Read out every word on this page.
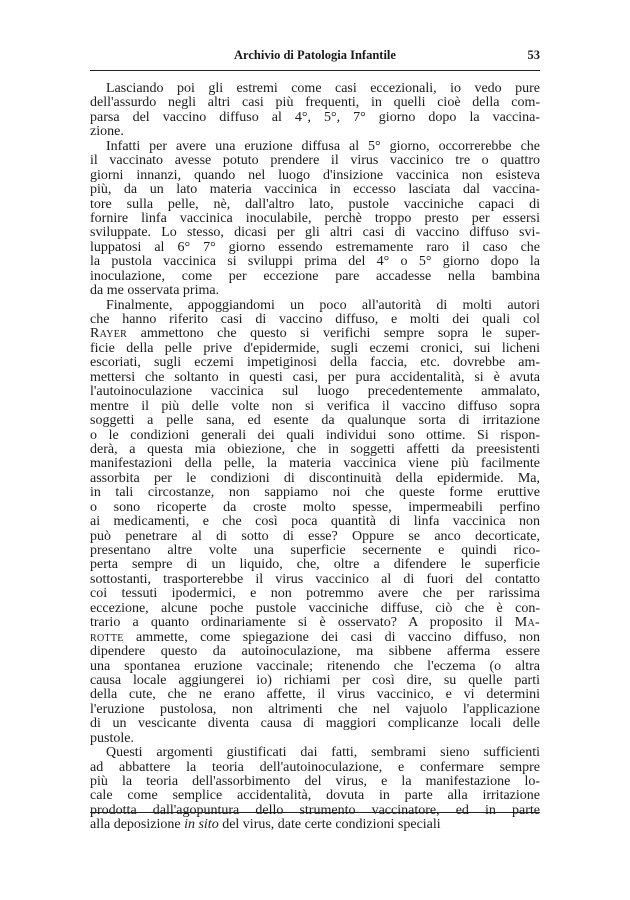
Archivio di Patologia Infantile	53
Lasciando poi gli estremi come casi eccezionali, io vedo pure
dell'assurdo negli altri casi più frequenti, in quelli cioè della com-
parsa del vaccino diffuso al 4°, 5°, 7° giorno dopo la vaccina-
zione.
Infatti per avere una eruzione diffusa al 5° giorno, occorrerebbe che
il vaccinato avesse potuto prendere il virus vaccinico tre o quattro
giorni innanzi, quando nel luogo d'insizione vaccinica non esisteva
più, da un lato materia vaccinica in eccesso lasciata dal vaccina-
tore sulla pelle, nè, dall'altro lato, pustole vacciniche capaci di
fornire linfa vaccinica inoculabile, perchè troppo presto per essersi
sviluppate. Lo stesso, dicasi per gli altri casi di vaccino diffuso svi-
luppatosi al 6° 7° giorno essendo estremamente raro il caso che
la pustola vaccinica si sviluppi prima del 4° o 5° giorno dopo la
inoculazione, come per eccezione pare accadesse nella bambina
da me osservata prima.
Finalmente, appoggiandomi un poco all'autorità di molti autori
che hanno riferito casi di vaccino diffuso, e molti dei quali col
Rayer ammettono che questo si verifichi sempre sopra le super-
ficie della pelle prive d'epidermide, sugli eczemi cronici, sui licheni
escoriati, sugli eczemi impetiginosi della faccia, etc. dovrebbe am-
mettersi che soltanto in questi casi, per pura accidentalità, si è avuta
l'autoinoculazione vaccinica sul luogo precedentemente ammalato,
mentre il più delle volte non si verifica il vaccino diffuso sopra
soggetti a pelle sana, ed esente da qualunque sorta di irritazione
o le condizioni generali dei quali individui sono ottime. Si rispon-
derà, a questa mia obiezione, che in soggetti affetti da preesistenti
manifestazioni della pelle, la materia vaccinica viene più facilmente
assorbita per le condizioni di discontinuità della epidermide. Ma,
in tali circostanze, non sappiamo noi che queste forme eruttive
o sono ricoperte da croste molto spesse, impermeabili perfino
ai medicamenti, e che così poca quantità di linfa vaccinica non
può penetrare al di sotto di esse? Oppure se anco decorticate,
presentano altre volte una superficie secernente e quindi rico-
perta sempre di un liquido, che, oltre a difendere le superficie
sottostanti, trasporterebbe il virus vaccinico al di fuori del contatto
coi tessuti ipodermici, e non potremmo avere che per rarissima
eccezione, alcune poche pustole vacciniche diffuse, ciò che è con-
trario a quanto ordinariamente si è osservato? A proposito il Ma-
rotte ammette, come spiegazione dei casi di vaccino diffuso, non
dipendere questo da autoinoculazione, ma sibbene afferma essere
una spontanea eruzione vaccinale; ritenendo che l'eczema (o altra
causa locale aggiungerei io) richiami per così dire, su quelle parti
della cute, che ne erano affette, il virus vaccinico, e vi determini
l'eruzione pustolosa, non altrimenti che nel vajuolo l'applicazione
di un vescicante diventa causa di maggiori complicanze locali delle
pustole.
Questi argomenti giustificati dai fatti, sembrami sieno sufficienti
ad abbattere la teoria dell'autoinoculazione, e confermare sempre
più la teoria dell'assorbimento del virus, e la manifestazione lo-
cale come semplice accidentalità, dovuta in parte alla irritazione
prodotta dall'agopuntura dello strumento vaccinatore, ed in parte
alla deposizione in sito del virus, date certe condizioni speciali
